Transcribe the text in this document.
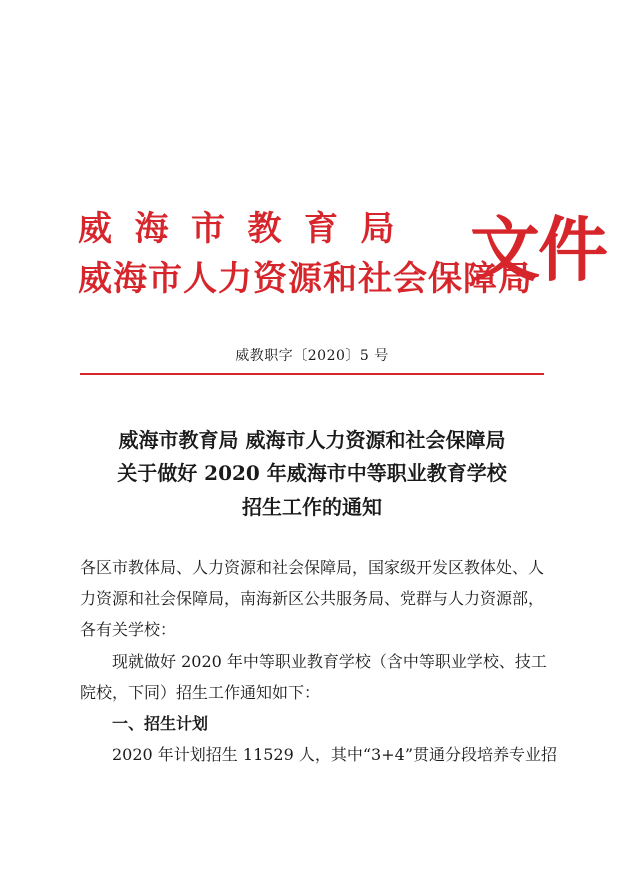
威海市教育局
威海市人力资源和社会保障局
文件
威教职字〔2020〕5 号
威海市教育局 威海市人力资源和社会保障局
关于做好 2020 年威海市中等职业教育学校
招生工作的通知
各区市教体局、人力资源和社会保障局，国家级开发区教体处、人
力资源和社会保障局，南海新区公共服务局、党群与人力资源部，
各有关学校：
现就做好 2020 年中等职业教育学校（含中等职业学校、技工
院校，下同）招生工作通知如下：
一、招生计划
2020 年计划招生 11529 人，其中“3+4”贯通分段培养专业招
